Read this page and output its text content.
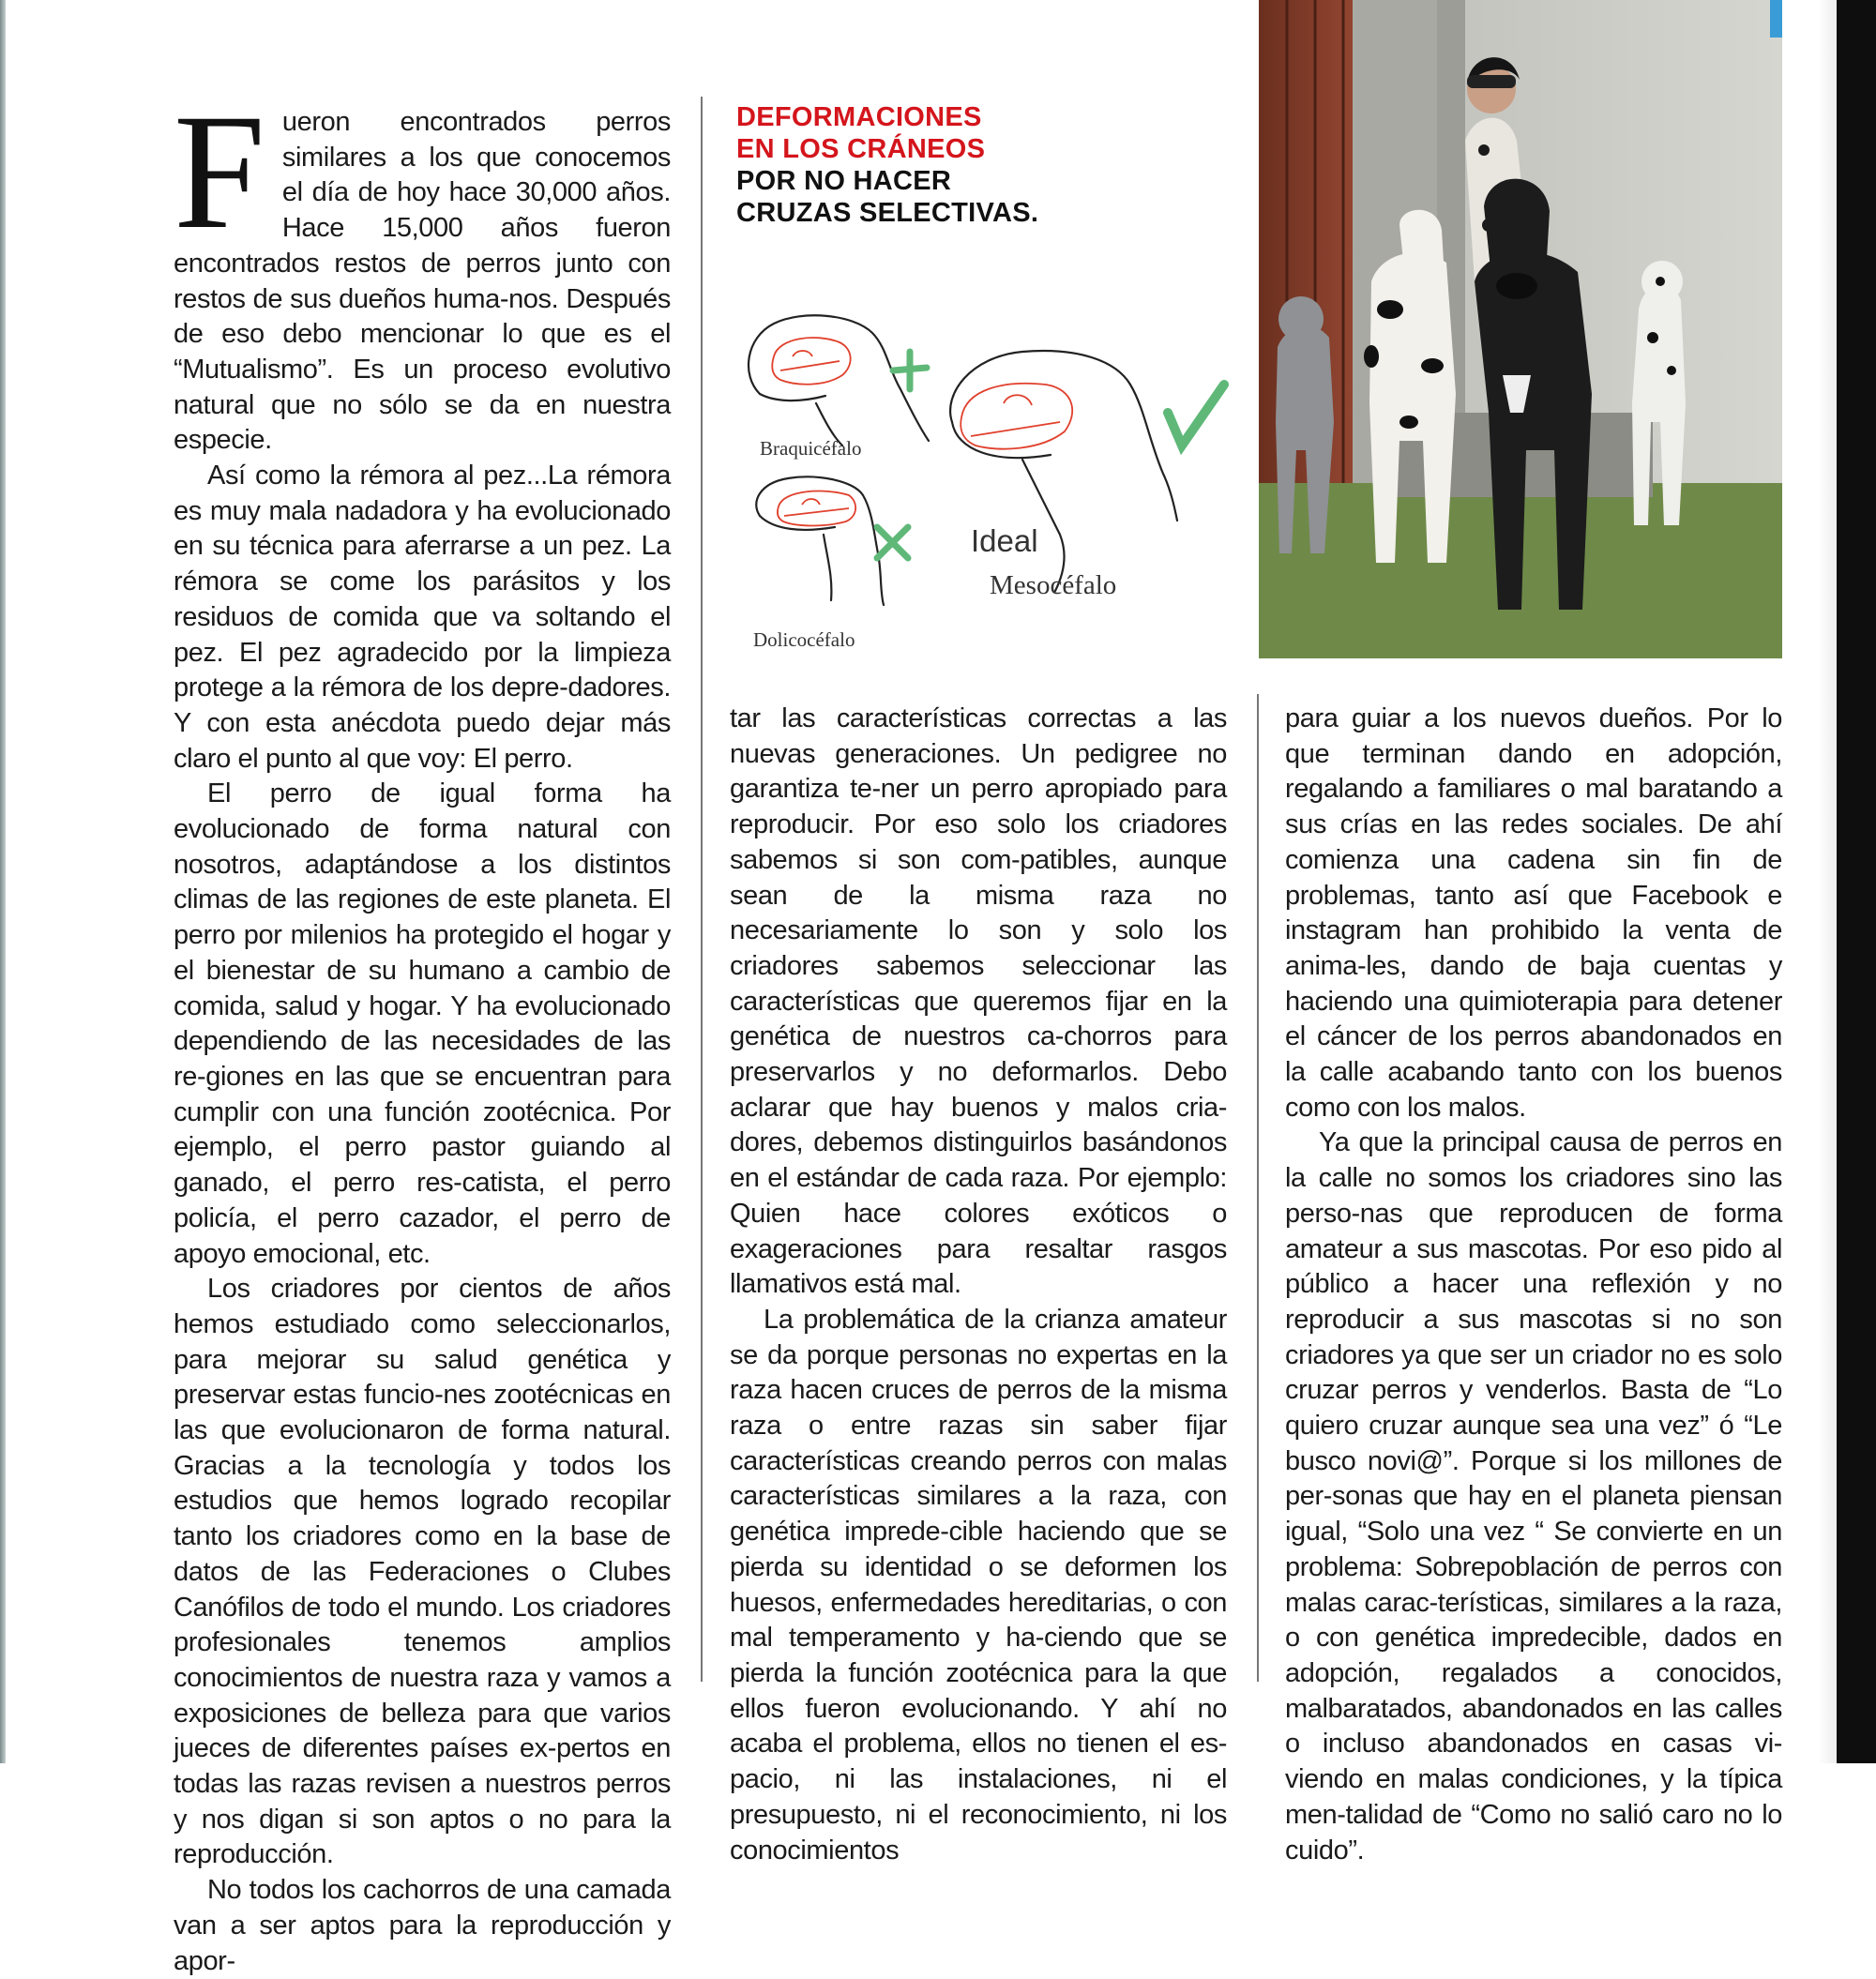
Fueron encontrados perros similares a los que conocemos el día de hoy hace 30,000 años. Hace 15,000 años fueron encontrados restos de perros junto con restos de sus dueños huma-nos. Después de eso debo mencionar lo que es el “Mutualismo”. Es un proceso evolutivo natural que no sólo se da en nuestra especie.

Así como la rémora al pez...La rémora es muy mala nadadora y ha evolucionado en su técnica para aferrarse a un pez. La rémora se come los parásitos y los residuos de comida que va soltando el pez. El pez agradecido por la limpieza protege a la rémora de los depre-dadores. Y con esta anécdota puedo dejar más claro el punto al que voy: El perro.

El perro de igual forma ha evolucionado de forma natural con nosotros, adaptándose a los distintos climas de las regiones de este planeta. El perro por milenios ha protegido el hogar y el bienestar de su humano a cambio de comida, salud y hogar. Y ha evolucionado dependiendo de las necesidades de las re-giones en las que se encuentran para cumplir con una función zootécnica. Por ejemplo, el perro pastor guiando al ganado, el perro res-catista, el perro policía, el perro cazador, el perro de apoyo emocional, etc.

Los criadores por cientos de años hemos estudiado como seleccionarlos, para mejorar su salud genética y preservar estas funcio-nes zootécnicas en las que evolucionaron de forma natural. Gracias a la tecnología y todos los estudios que hemos logrado recopilar tanto los criadores como en la base de datos de las Federaciones o Clubes Canófilos de todo el mundo. Los criadores profesionales tenemos amplios conocimientos de nuestra raza y vamos a exposiciones de belleza para que varios jueces de diferentes países ex-pertos en todas las razas revisen a nuestros perros y nos digan si son aptos o no para la reproducción.

No todos los cachorros de una camada van a ser aptos para la reproducción y apor-

DEFORMACIONES
EN LOS CRÁNEOS
POR NO HACER
CRUZAS SELECTIVAS.
Braquicéfalo
Dolicocéfalo
Ideal
Mesocéfalo

tar las características correctas a las nuevas generaciones. Un pedigree no garantiza te-ner un perro apropiado para reproducir. Por eso solo los criadores sabemos si son com-patibles, aunque sean de la misma raza no necesariamente lo son y solo los criadores sabemos seleccionar las características que queremos fijar en la genética de nuestros ca-chorros para preservarlos y no deformarlos. Debo aclarar que hay buenos y malos cria-dores, debemos distinguirlos basándonos en el estándar de cada raza. Por ejemplo: Quien hace colores exóticos o exageraciones para resaltar rasgos llamativos está mal.

La problemática de la crianza amateur se da porque personas no expertas en la raza hacen cruces de perros de la misma raza o entre razas sin saber fijar características creando perros con malas características similares a la raza, con genética imprede-cible haciendo que se pierda su identidad o se deformen los huesos, enfermedades hereditarias, o con mal temperamento y ha-ciendo que se pierda la función zootécnica para la que ellos fueron evolucionando. Y ahí no acaba el problema, ellos no tienen el es-pacio, ni las instalaciones, ni el presupuesto, ni el reconocimiento, ni los conocimientos

para guiar a los nuevos dueños. Por lo que terminan dando en adopción, regalando a familiares o mal baratando a sus crías en las redes sociales. De ahí comienza una cadena sin fin de problemas, tanto así que Facebook e instagram han prohibido la venta de anima-les, dando de baja cuentas y haciendo una quimioterapia para detener el cáncer de los perros abandonados en la calle acabando tanto con los buenos como con los malos.

Ya que la principal causa de perros en la calle no somos los criadores sino las perso-nas que reproducen de forma amateur a sus mascotas. Por eso pido al público a hacer una reflexión y no reproducir a sus mascotas si no son criadores ya que ser un criador no es solo cruzar perros y venderlos. Basta de “Lo quiero cruzar aunque sea una vez” ó “Le busco novi@”. Porque si los millones de per-sonas que hay en el planeta piensan igual, “Solo una vez “ Se convierte en un problema: Sobrepoblación de perros con malas carac-terísticas, similares a la raza, o con genética impredecible, dados en adopción, regalados a conocidos, malbaratados, abandonados en las calles o incluso abandonados en casas vi-viendo en malas condiciones, y la típica men-talidad de “Como no salió caro no lo cuido”.
